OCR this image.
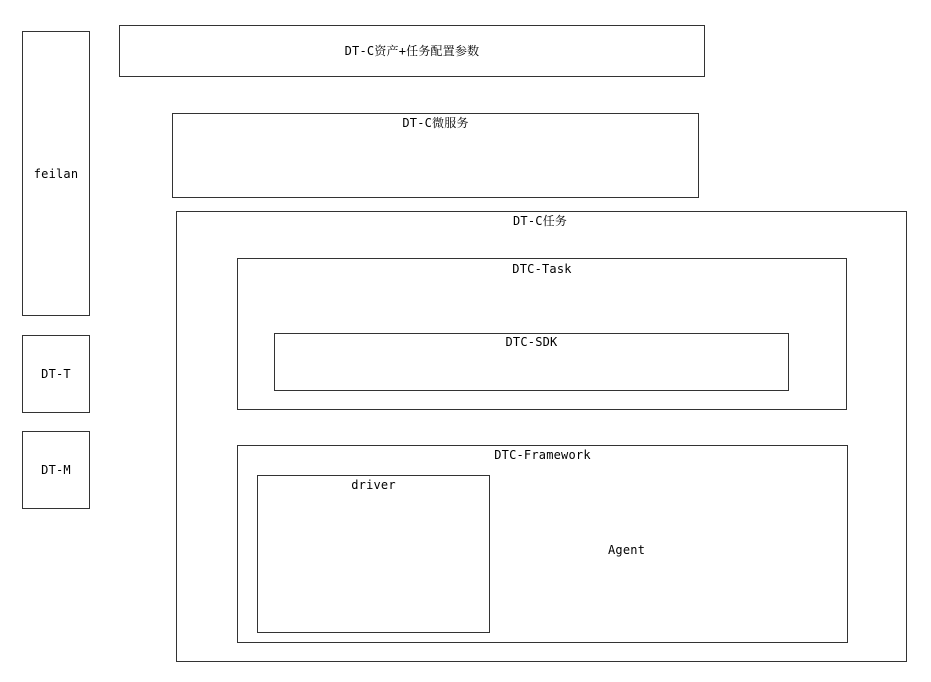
feilan
DT-T
DT-M
DT-C资产+任务配置参数
DT-C微服务
DT-C任务
DTC-Task
DTC-SDK
DTC-Framework
Agent
driver
